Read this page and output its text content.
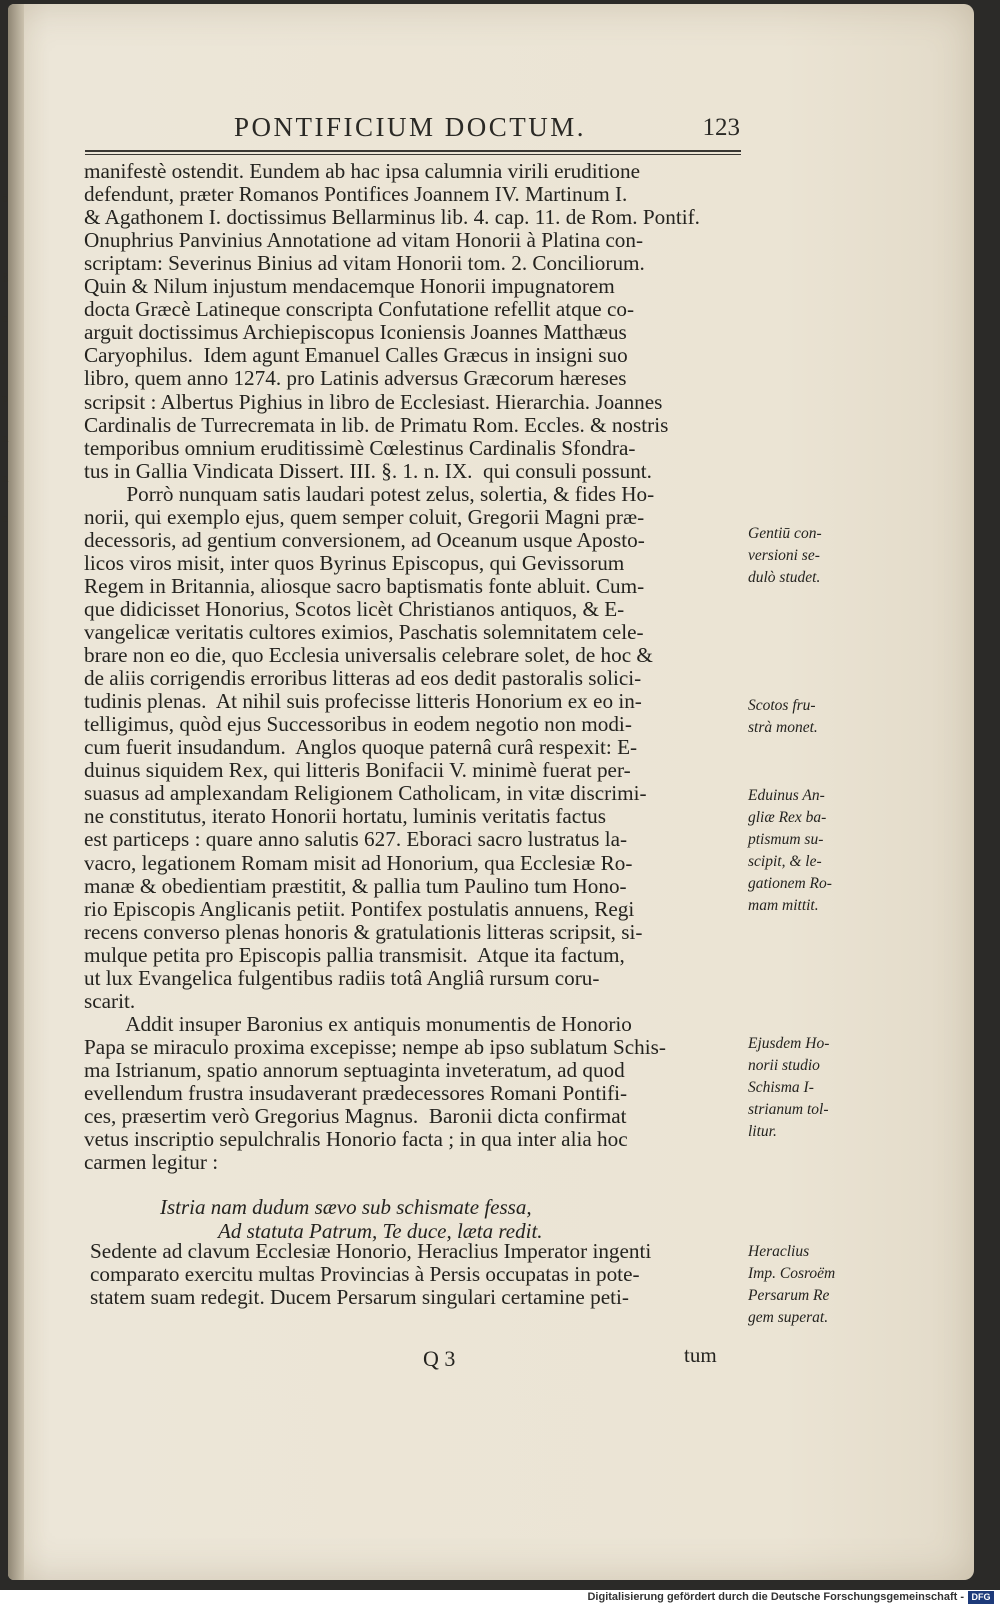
l
ö
ß
e
j
p
n
n
e
PONTIFICIUM DOCTUM.	123
manifestè ostendit. Eundem ab hac ipsa calumnia virili eruditione
defendunt, præter Romanos Pontifices Joannem IV. Martinum I.
& Agathonem I. doctissimus Bellarminus lib. 4. cap. 11. de Rom. Pontif.
Onuphrius Panvinius Annotatione ad vitam Honorii à Platina con-
scriptam: Severinus Binius ad vitam Honorii tom. 2. Conciliorum.
Quin & Nilum injustum mendacemque Honorii impugnatorem
docta Græcè Latineque conscripta Confutatione refellit atque co-
arguit doctissimus Archiepiscopus Iconiensis Joannes Matthæus
Caryophilus.  Idem agunt Emanuel Calles Græcus in insigni suo
libro, quem anno 1274. pro Latinis adversus Græcorum hæreses
scripsit : Albertus Pighius in libro de Ecclesiast. Hierarchia. Joannes
Cardinalis de Turrecremata in lib. de Primatu Rom. Eccles. & nostris
temporibus omnium eruditissimè Cœlestinus Cardinalis Sfondra-
tus in Gallia Vindicata Dissert. III. §. 1. n. IX.  qui consuli possunt.
Porrò nunquam satis laudari potest zelus, solertia, & fides Ho-
norii, qui exemplo ejus, quem semper coluit, Gregorii Magni præ-
decessoris, ad gentium conversionem, ad Oceanum usque Aposto-
licos viros misit, inter quos Byrinus Episcopus, qui Gevissorum
Regem in Britannia, aliosque sacro baptismatis fonte abluit. Cum-
que didicisset Honorius, Scotos licèt Christianos antiquos, & E-
vangelicæ veritatis cultores eximios, Paschatis solemnitatem cele-
brare non eo die, quo Ecclesia universalis celebrare solet, de hoc &
de aliis corrigendis erroribus litteras ad eos dedit pastoralis solici-
tudinis plenas.  At nihil suis profecisse litteris Honorium ex eo in-
telligimus, quòd ejus Successoribus in eodem negotio non modi-
cum fuerit insudandum.  Anglos quoque paternâ curâ respexit: E-
duinus siquidem Rex, qui litteris Bonifacii V. minimè fuerat per-
suasus ad amplexandam Religionem Catholicam, in vitæ discrimi-
ne constitutus, iterato Honorii hortatu, luminis veritatis factus
est particeps : quare anno salutis 627. Eboraci sacro lustratus la-
vacro, legationem Romam misit ad Honorium, qua Ecclesiæ Ro-
manæ & obedientiam præstitit, & pallia tum Paulino tum Hono-
rio Episcopis Anglicanis petiit. Pontifex postulatis annuens, Regi
recens converso plenas honoris & gratulationis litteras scripsit, si-
mulque petita pro Episcopis pallia transmisit.  Atque ita factum,
ut lux Evangelica fulgentibus radiis totâ Angliâ rursum coru-
scarit.
Addit insuper Baronius ex antiquis monumentis de Honorio
Papa se miraculo proxima excepisse; nempe ab ipso sublatum Schis-
ma Istrianum, spatio annorum septuaginta inveteratum, ad quod
evellendum frustra insudaverant prædecessores Romani Pontifi-
ces, præsertim verò Gregorius Magnus.  Baronii dicta confirmat
vetus inscriptio sepulchralis Honorio facta ; in qua inter alia hoc
carmen legitur :
Istria nam dudum sævo sub schismate fessa,
Ad statuta Patrum, Te duce, læta redit.
Sedente ad clavum Ecclesiæ Honorio, Heraclius Imperator ingenti
comparato exercitu multas Provincias à Persis occupatas in pote-
statem suam redegit. Ducem Persarum singulari certamine peti-
Gentiū con-
versioni se-
dulò studet.
Scotos fru-
strà monet.
Eduinus An-
gliæ Rex ba-
ptismum su-
scipit, & le-
gationem Ro-
mam mittit.
Ejusdem Ho-
norii studio
Schisma I-
strianum tol-
litur.
Heraclius
Imp. Cosroëm
Persarum Re
gem superat.
Q 3	tum
Digitalisierung gefördert durch die Deutsche Forschungsgemeinschaft - DFG
